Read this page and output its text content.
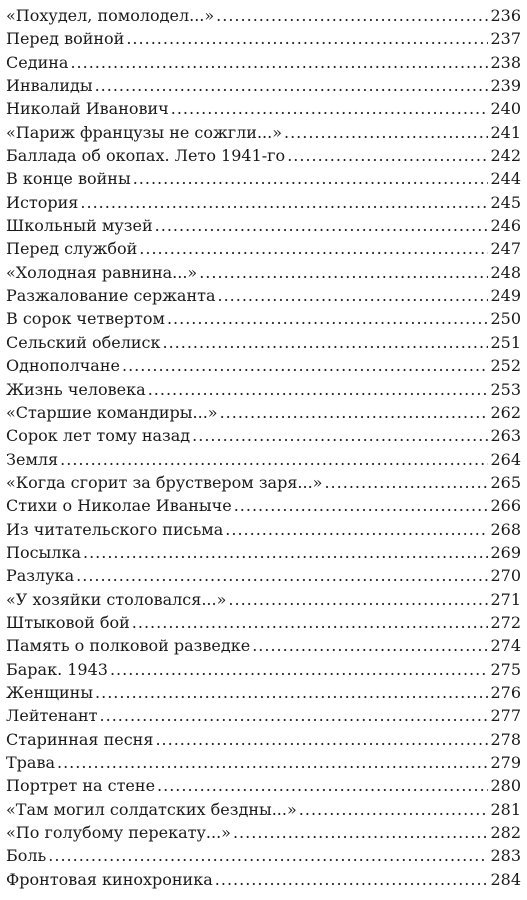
«Похудел, помолодел...» .....	236
Перед войной .....	237
Седина .....	238
Инвалиды .....	239
Николай Иванович .....	240
«Париж французы не сожгли...» .....	241
Баллада об окопах. Лето 1941-го .....	242
В конце войны .....	244
История .....	245
Школьный музей .....	246
Перед службой .....	247
«Холодная равнина...» .....	248
Разжалование сержанта .....	249
В сорок четвертом .....	250
Сельский обелиск .....	251
Однополчане .....	252
Жизнь человека .....	253
«Старшие командиры...» .....	262
Сорок лет тому назад .....	263
Земля .....	264
«Когда сгорит за бруствером заря...» .....	265
Стихи о Николае Иваныче .....	266
Из читательского письма .....	268
Посылка .....	269
Разлука .....	270
«У хозяйки столовался...» .....	271
Штыковой бой .....	272
Память о полковой разведке .....	274
Барак. 1943 .....	275
Женщины .....	276
Лейтенант .....	277
Старинная песня .....	278
Трава .....	279
Портрет на стене .....	280
«Там могил солдатских бездны...» .....	281
«По голубому перекату...» .....	282
Боль .....	283
Фронтовая кинохроника .....	284
